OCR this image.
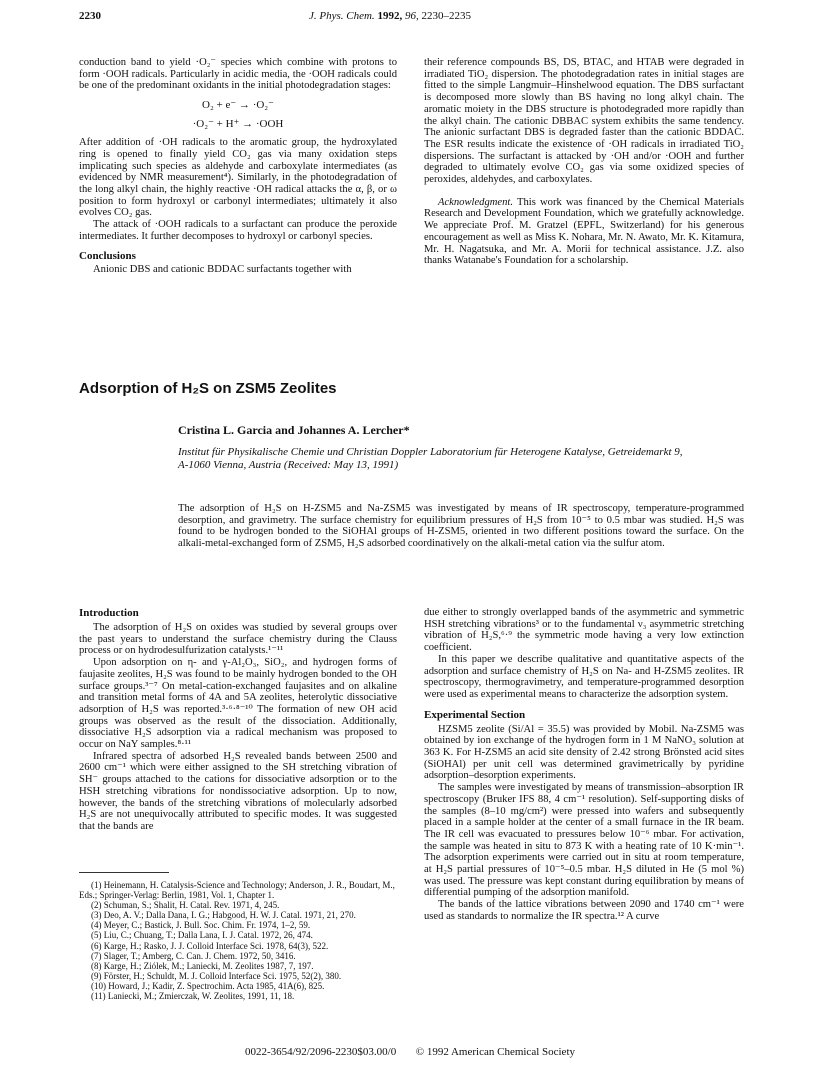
2230	J. Phys. Chem. 1992, 96, 2230–2235

conduction band to yield ·O₂⁻ species which combine with protons to form ·OOH radicals. Particularly in acidic media, the ·OOH radicals could be one of the predominant oxidants in the initial photodegradation stages:

O₂ + e⁻ → ·O₂⁻
·O₂⁻ + H⁺ → ·OOH

After addition of ·OH radicals to the aromatic group, the hydroxylated ring is opened to finally yield CO₂ gas via many oxidation steps implicating such species as aldehyde and carboxylate intermediates (as evidenced by NMR measurement⁴). Similarly, in the photodegradation of the long alkyl chain, the highly reactive ·OH radical attacks the α, β, or ω position to form hydroxyl or carbonyl intermediates; ultimately it also evolves CO₂ gas.

The attack of ·OOH radicals to a surfactant can produce the peroxide intermediates. It further decomposes to hydroxyl or carbonyl species.

Conclusions

Anionic DBS and cationic BDDAC surfactants together with

their reference compounds BS, DS, BTAC, and HTAB were degraded in irradiated TiO₂ dispersion. The photodegradation rates in initial stages are fitted to the simple Langmuir–Hinshelwood equation. The DBS surfactant is decomposed more slowly than BS having no long alkyl chain. The aromatic moiety in the DBS structure is photodegraded more rapidly than the alkyl chain. The cationic DBBAC system exhibits the same tendency. The anionic surfactant DBS is degraded faster than the cationic BDDAC. The ESR results indicate the existence of ·OH radicals in irradiated TiO₂ dispersions. The surfactant is attacked by ·OH and/or ·OOH and further degraded to ultimately evolve CO₂ gas via some oxidized species of peroxides, aldehydes, and carboxylates.

Acknowledgment. This work was financed by the Chemical Materials Research and Development Foundation, which we gratefully acknowledge. We appreciate Prof. M. Gratzel (EPFL, Switzerland) for his generous encouragement as well as Miss K. Nohara, Mr. N. Awato, Mr. K. Kitamura, Mr. H. Nagatsuka, and Mr. A. Morii for technical assistance. J.Z. also thanks Watanabe's Foundation for a scholarship.

Adsorption of H₂S on ZSM5 Zeolites
Cristina L. Garcia and Johannes A. Lercher*
Institut für Physikalische Chemie und Christian Doppler Laboratorium für Heterogene Katalyse, Getreidemarkt 9, A-1060 Vienna, Austria (Received: May 13, 1991)
The adsorption of H₂S on H-ZSM5 and Na-ZSM5 was investigated by means of IR spectroscopy, temperature-programmed desorption, and gravimetry. The surface chemistry for equilibrium pressures of H₂S from 10⁻⁵ to 0.5 mbar was studied. H₂S was found to be hydrogen bonded to the SiOHAl groups of H-ZSM5, oriented in two different positions toward the surface. On the alkali-metal-exchanged form of ZSM5, H₂S adsorbed coordinatively on the alkali-metal cation via the sulfur atom.

Introduction

The adsorption of H₂S on oxides was studied by several groups over the past years to understand the surface chemistry during the Clauss process or on hydrodesulfurization catalysts.¹⁻¹¹

Upon adsorption on η- and γ-Al₂O₃, SiO₂, and hydrogen forms of faujasite zeolites, H₂S was found to be mainly hydrogen bonded to the OH surface groups.³⁻⁷ On metal-cation-exchanged faujasites and on alkaline and transition metal forms of 4A and 5A zeolites, heterolytic dissociative adsorption of H₂S was reported.³·⁶·⁸⁻¹⁰ The formation of new OH acid groups was observed as the result of the dissociation. Additionally, dissociative H₂S adsorption via a radical mechanism was proposed to occur on NaY samples.⁸·¹¹

Infrared spectra of adsorbed H₂S revealed bands between 2500 and 2600 cm⁻¹ which were either assigned to the SH stretching vibration of SH⁻ groups attached to the cations for dissociative adsorption or to the HSH stretching vibrations for nondissociative adsorption. Up to now, however, the bands of the stretching vibrations of molecularly adsorbed H₂S are not unequivocally attributed to specific modes. It was suggested that the bands are

(1) Heinemann, H. Catalysis-Science and Technology; Anderson, J. R., Boudart, M., Eds.; Springer-Verlag: Berlin, 1981, Vol. 1, Chapter 1.
(2) Schuman, S.; Shalit, H. Catal. Rev. 1971, 4, 245.
(3) Deo, A. V.; Dalla Dana, I. G.; Habgood, H. W. J. Catal. 1971, 21, 270.
(4) Meyer, C.; Bastick, J. Bull. Soc. Chim. Fr. 1974, 1–2, 59.
(5) Liu, C.; Chuang, T.; Dalla Lana, I. J. Catal. 1972, 26, 474.
(6) Karge, H.; Rasko, J. J. Colloid Interface Sci. 1978, 64(3), 522.
(7) Slager, T.; Amberg, C. Can. J. Chem. 1972, 50, 3416.
(8) Karge, H.; Ziólek, M.; Laniecki, M. Zeolites 1987, 7, 197.
(9) Förster, H.; Schuldt, M. J. Colloid Interface Sci. 1975, 52(2), 380.
(10) Howard, J.; Kadir, Z. Spectrochim. Acta 1985, 41A(6), 825.
(11) Laniecki, M.; Zmierczak, W. Zeolites, 1991, 11, 18.

due either to strongly overlapped bands of the asymmetric and symmetric HSH stretching vibrations³ or to the fundamental ν₃ asymmetric stretching vibration of H₂S,⁶·⁹ the symmetric mode having a very low extinction coefficient.

In this paper we describe qualitative and quantitative aspects of the adsorption and surface chemistry of H₂S on Na- and H-ZSM5 zeolites. IR spectroscopy, thermogravimetry, and temperature-programmed desorption were used as experimental means to characterize the adsorption system.

Experimental Section

HZSM5 zeolite (Si/Al = 35.5) was provided by Mobil. Na-ZSM5 was obtained by ion exchange of the hydrogen form in 1 M NaNO₃ solution at 363 K. For H-ZSM5 an acid site density of 2.42 strong Brönsted acid sites (SiOHAl) per unit cell was determined gravimetrically by pyridine adsorption–desorption experiments.

The samples were investigated by means of transmission–absorption IR spectroscopy (Bruker IFS 88, 4 cm⁻¹ resolution). Self-supporting disks of the samples (8–10 mg/cm²) were pressed into wafers and subsequently placed in a sample holder at the center of a small furnace in the IR beam. The IR cell was evacuated to pressures below 10⁻⁶ mbar. For activation, the sample was heated in situ to 873 K with a heating rate of 10 K·min⁻¹. The adsorption experiments were carried out in situ at room temperature, at H₂S partial pressures of 10⁻⁵–0.5 mbar. H₂S diluted in He (5 mol %) was used. The pressure was kept constant during equilibration by means of differential pumping of the adsorption manifold.

The bands of the lattice vibrations between 2090 and 1740 cm⁻¹ were used as standards to normalize the IR spectra.¹² A curve

0022-3654/92/2096-2230$03.00/0 © 1992 American Chemical Society
